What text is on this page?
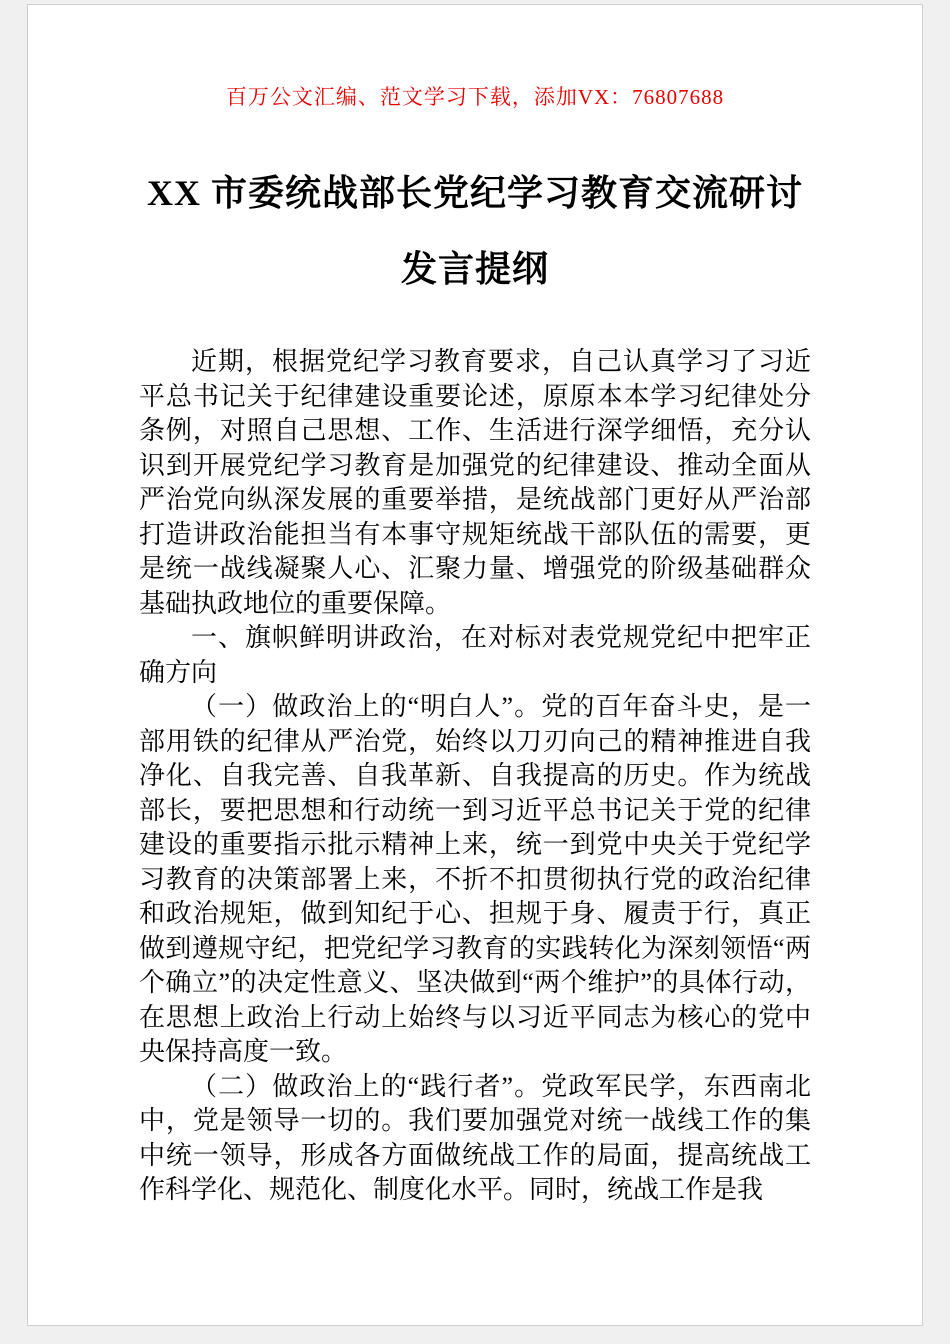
百万公文汇编、范文学习下载，添加VX：76807688
XX 市委统战部长党纪学习教育交流研讨发言提纲

近期，根据党纪学习教育要求，自己认真学习了习近平总书记关于纪律建设重要论述，原原本本学习纪律处分条例，对照自己思想、工作、生活进行深学细悟，充分认识到开展党纪学习教育是加强党的纪律建设、推动全面从严治党向纵深发展的重要举措，是统战部门更好从严治部打造讲政治能担当有本事守规矩统战干部队伍的需要，更是统一战线凝聚人心、汇聚力量、增强党的阶级基础群众基础执政地位的重要保障。

一、旗帜鲜明讲政治，在对标对表党规党纪中把牢正确方向

（一）做政治上的“明白人”。党的百年奋斗史，是一部用铁的纪律从严治党，始终以刀刃向己的精神推进自我净化、自我完善、自我革新、自我提高的历史。作为统战部长，要把思想和行动统一到习近平总书记关于党的纪律建设的重要指示批示精神上来，统一到党中央关于党纪学习教育的决策部署上来，不折不扣贯彻执行党的政治纪律和政治规矩，做到知纪于心、担规于身、履责于行，真正做到遵规守纪，把党纪学习教育的实践转化为深刻领悟“两个确立”的决定性意义、坚决做到“两个维护”的具体行动，在思想上政治上行动上始终与以习近平同志为核心的党中央保持高度一致。

（二）做政治上的“践行者”。党政军民学，东西南北中，党是领导一切的。我们要加强党对统一战线工作的集中统一领导，形成各方面做统战工作的局面，提高统战工作科学化、规范化、制度化水平。同时，统战工作是我
